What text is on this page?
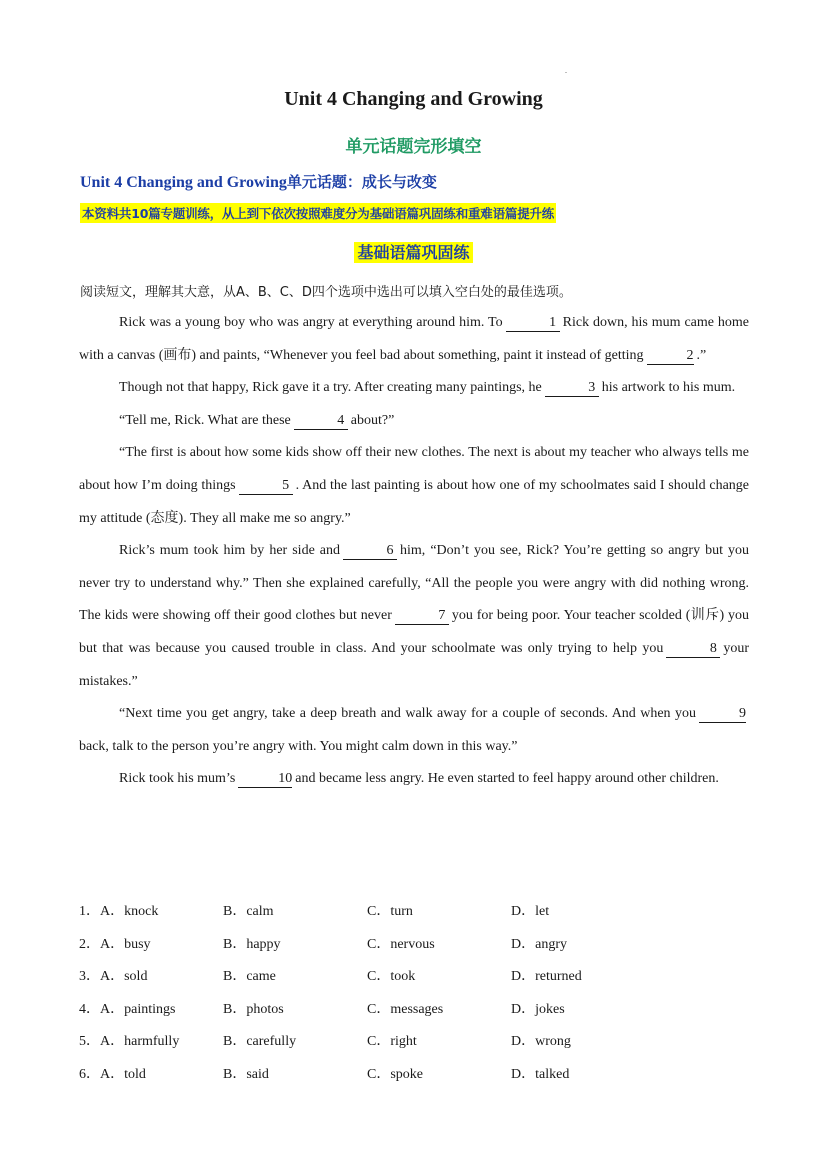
.
Unit 4 Changing and Growing
单元话题完形填空
Unit 4 Changing and Growing单元话题：成长与改变
本资料共10篇专题训练，从上到下依次按照难度分为基础语篇巩固练和重难语篇提升练
基础语篇巩固练
阅读短文，理解其大意，从A、B、C、D四个选项中选出可以填入空白处的最佳选项。

Rick was a young boy who was angry at everything around him. To	1 Rick down, his mum came home with a canvas (画布) and paints, “Whenever you feel bad about something, paint it instead of getting	2 .”

Though not that happy, Rick gave it a try. After creating many paintings, he	3 his artwork to his mum.

“Tell me, Rick. What are these	4 about?”

“The first is about how some kids show off their new clothes. The next is about my teacher who always tells me about how I’m doing things	5 . And the last painting is about how one of my schoolmates said I should change my attitude (态度). They all make me so angry.”

Rick’s mum took him by her side and	6 him, “Don’t you see, Rick? You’re getting so angry but you never try to understand why.” Then she explained carefully, “All the people you were angry with did nothing wrong. The kids were showing off their good clothes but never	7 you for being poor. Your teacher scolded (训斥) you but that was because you caused trouble in class. And your schoolmate was only trying to help you	8 your mistakes.”

“Next time you get angry, take a deep breath and walk away for a couple of seconds. And when you	9back, talk to the person you’re angry with. You might calm down in this way.”

Rick took his mum’s	10 and became less angry. He even started to feel happy around other children.

1．A．knock	B．calm	C．turn	D．let
2．A．busy	B．happy	C．nervous	D．angry
3．A．sold	B．came	C．took	D．returned
4．A．paintings	B．photos	C．messages	D．jokes
5．A．harmfully	B．carefully	C．right	D．wrong
6．A．told	B．said	C．spoke	D．talked
